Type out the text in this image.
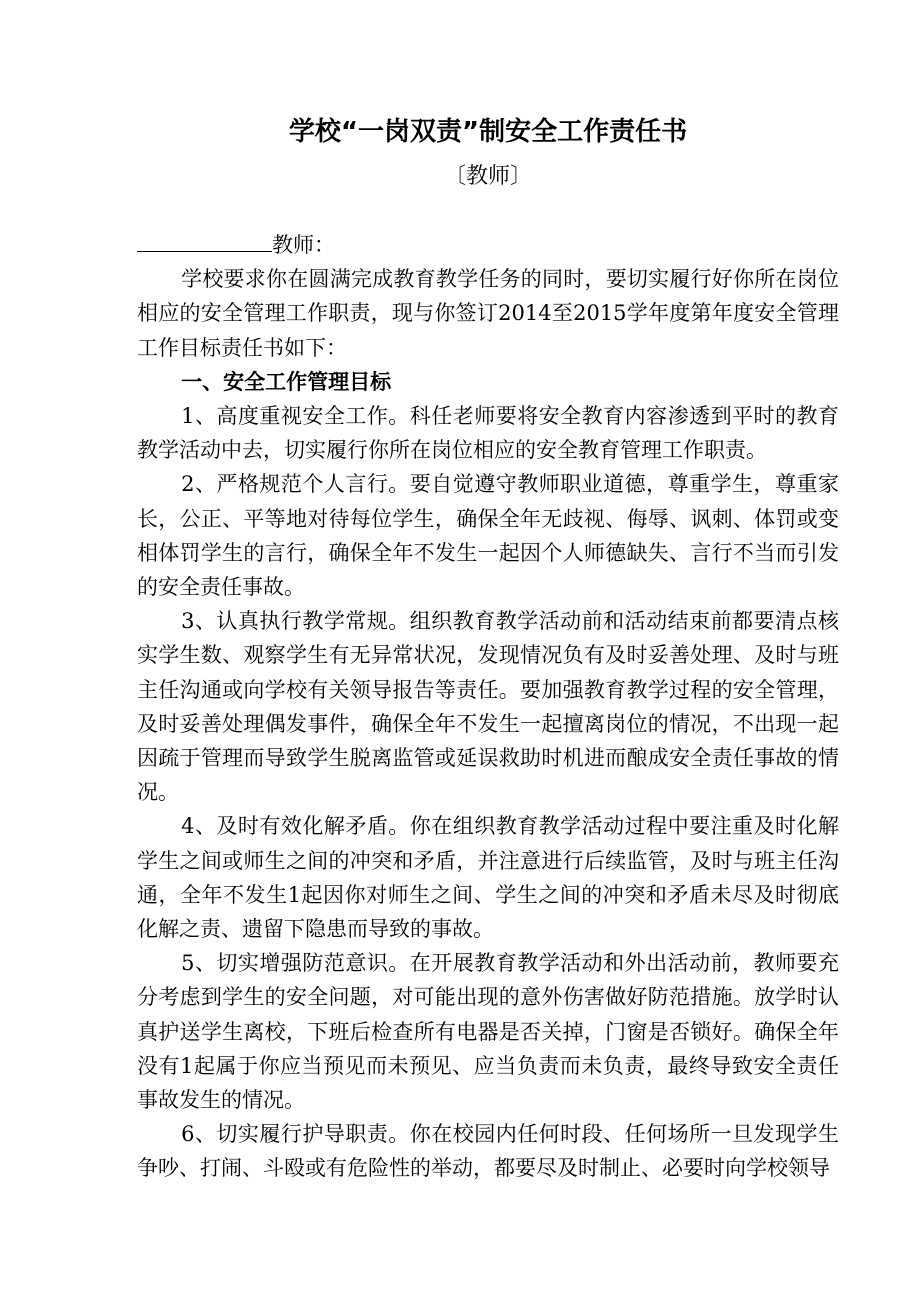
学校“一岗双责”制安全工作责任书
〔教师〕

教师：

学校要求你在圆满完成教育教学任务的同时，要切实履行好你所在岗位相应的安全管理工作职责，现与你签订2014至2015学年度第年度安全管理工作目标责任书如下：

一、安全工作管理目标

1、高度重视安全工作。科任老师要将安全教育内容渗透到平时的教育教学活动中去，切实履行你所在岗位相应的安全教育管理工作职责。

2、严格规范个人言行。要自觉遵守教师职业道德，尊重学生，尊重家长，公正、平等地对待每位学生，确保全年无歧视、侮辱、讽刺、体罚或变相体罚学生的言行，确保全年不发生一起因个人师德缺失、言行不当而引发的安全责任事故。

3、认真执行教学常规。组织教育教学活动前和活动结束前都要清点核实学生数、观察学生有无异常状况，发现情况负有及时妥善处理、及时与班主任沟通或向学校有关领导报告等责任。要加强教育教学过程的安全管理，及时妥善处理偶发事件，确保全年不发生一起擅离岗位的情况，不出现一起因疏于管理而导致学生脱离监管或延误救助时机进而酿成安全责任事故的情况。

4、及时有效化解矛盾。你在组织教育教学活动过程中要注重及时化解学生之间或师生之间的冲突和矛盾，并注意进行后续监管，及时与班主任沟通，全年不发生1起因你对师生之间、学生之间的冲突和矛盾未尽及时彻底化解之责、遗留下隐患而导致的事故。

5、切实增强防范意识。在开展教育教学活动和外出活动前，教师要充分考虑到学生的安全问题，对可能出现的意外伤害做好防范措施。放学时认真护送学生离校，下班后检查所有电器是否关掉，门窗是否锁好。确保全年没有1起属于你应当预见而未预见、应当负责而未负责，最终导致安全责任事故发生的情况。

6、切实履行护导职责。你在校园内任何时段、任何场所一旦发现学生争吵、打闹、斗殴或有危险性的举动，都要尽及时制止、必要时向学校领导
